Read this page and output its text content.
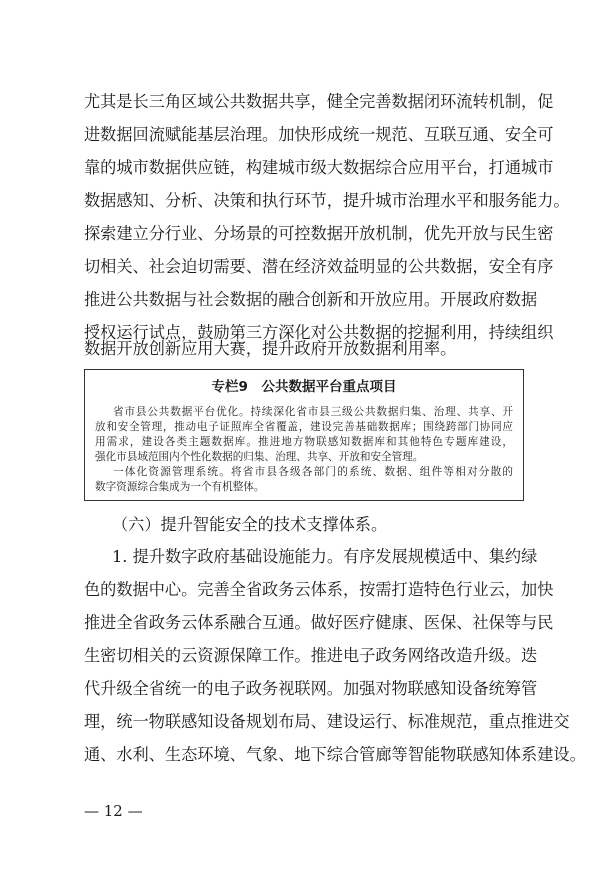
尤其是长三角区域公共数据共享，健全完善数据闭环流转机制，促
进数据回流赋能基层治理。加快形成统一规范、互联互通、安全可
靠的城市数据供应链，构建城市级大数据综合应用平台，打通城市
数据感知、分析、决策和执行环节，提升城市治理水平和服务能力。
探索建立分行业、分场景的可控数据开放机制，优先开放与民生密
切相关、社会迫切需要、潜在经济效益明显的公共数据，安全有序
推进公共数据与社会数据的融合创新和开放应用。开展政府数据
授权运行试点，鼓励第三方深化对公共数据的挖掘利用，持续组织
数据开放创新应用大赛，提升政府开放数据利用率。
专栏9　公共数据平台重点项目
省市县公共数据平台优化。持续深化省市县三级公共数据归集、治理、共享、开
放和安全管理，推动电子证照库全省覆盖，建设完善基础数据库；围绕跨部门协同应
用需求，建设各类主题数据库。推进地方物联感知数据库和其他特色专题库建设，
强化市县域范围内个性化数据的归集、治理、共享、开放和安全管理。
一体化资源管理系统。将省市县各级各部门的系统、数据、组件等相对分散的
数字资源综合集成为一个有机整体。
（六）提升智能安全的技术支撑体系。
1. 提升数字政府基础设施能力。有序发展规模适中、集约绿
色的数据中心。完善全省政务云体系，按需打造特色行业云，加快
推进全省政务云体系融合互通。做好医疗健康、医保、社保等与民
生密切相关的云资源保障工作。推进电子政务网络改造升级。迭
代升级全省统一的电子政务视联网。加强对物联感知设备统筹管
理，统一物联感知设备规划布局、建设运行、标准规范，重点推进交
通、水利、生态环境、气象、地下综合管廊等智能物联感知体系建设。
— 12 —
